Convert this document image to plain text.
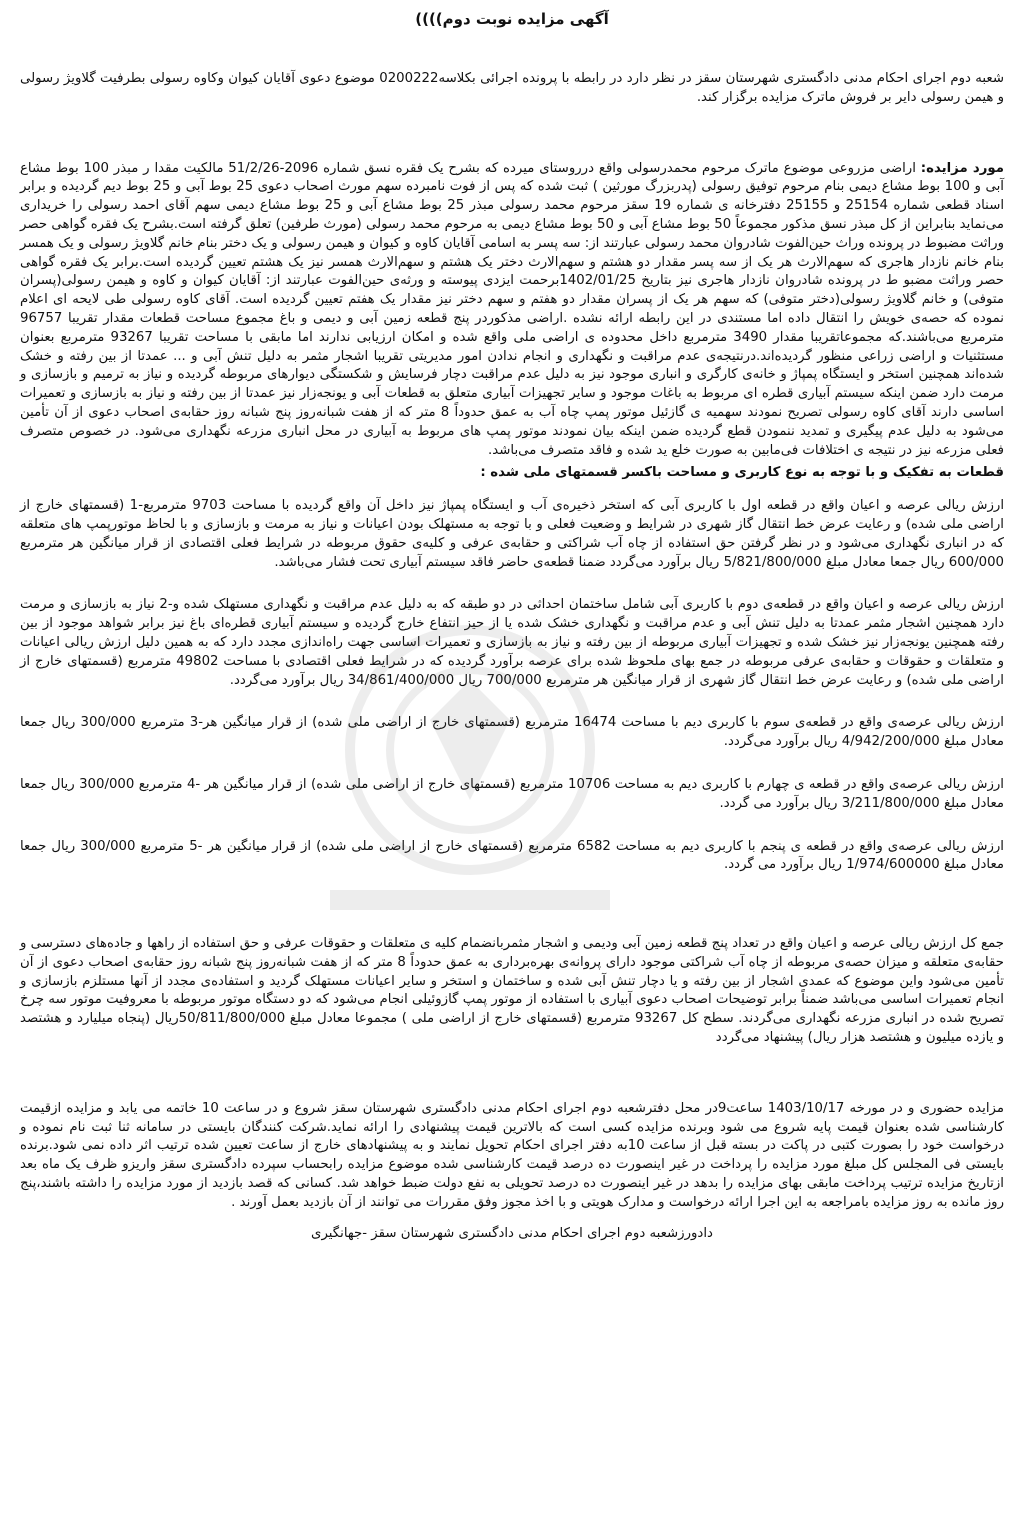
آگهی مزایده نوبت دوم))))

شعبه دوم اجرای احکام مدنی دادگستری شهرستان سقز در نظر دارد در رابطه با پرونده اجرائی بکلاسه0200222 موضوع دعوی آقایان کیوان وکاوه رسولی بطرفیت گلاویژ رسولی و هیمن رسولی دایر بر فروش ماترک مزایده برگزار کند.

مورد مزایده: اراضی مزروعی موضوع ماترک مرحوم محمدرسولی واقع درروستای میرده که بشرح یک فقره نسق شماره 2096-51/2/26 مالکیت مقدا ر مبذر 100 بوط مشاع آبی و 100 بوط مشاع دیمی بنام مرحوم توفیق رسولی (پدربزرگ مورثین ) ثبت شده که پس از فوت نامبرده سهم مورث اصحاب دعوی 25 بوط آبی و 25 بوط دیم گردیده و برابر اسناد قطعی شماره 25154 و 25155 دفترخانه ی شماره 19 سقز مرحوم محمد رسولی مبذر 25 بوط مشاع آبی و 25 بوط مشاع دیمی سهم آقای احمد رسولی را خریداری می‌نماید بنابراین از کل مبذر نسق مذکور مجموعاً 50 بوط مشاع آبی و 50 بوط مشاع دیمی به مرحوم محمد رسولی (مورث طرفین) تعلق گرفته است.بشرح یک فقره گواهی حصر وراثت مضبوط در پرونده وراث حین‌الفوت شادروان محمد رسولی عبارتند از: سه پسر به اسامی آقایان کاوه و کیوان و هیمن رسولی و یک دختر بنام خانم گلاویژ رسولی و یک همسر بنام خانم نازدار هاجری که سهم‌الارث هر یک از سه پسر مقدار دو هشتم و سهم‌الارث دختر یک هشتم و سهم‌الارث همسر نیز یک هشتم تعیین گردیده است.برابر یک فقره گواهی حصر وراثت مضبو ط در پرونده شادروان نازدار هاجری نیز بتاریخ 1402/01/25برحمت ایزدی پیوسته و ورثه‌ی حین‌الفوت عبارتند از: آقایان کیوان و کاوه و هیمن رسولی(پسران متوفی) و خانم گلاویژ رسولی(دختر متوفی) که سهم هر یک از پسران مقدار دو هفتم و سهم دختر نیز مقدار یک هفتم تعیین گردیده است. آقای کاوه رسولی طی لایحه ای اعلام نموده که حصه‌ی خویش را انتقال داده اما مستندی در این رابطه ارائه نشده .اراضی مذکوردر پنج قطعه زمین آبی و دیمی و باغ مجموع مساحت قطعات مقدار تقریبا 96757 مترمربع می‌باشند.که مجموعاتقریبا مقدار 3490 مترمربع داخل محدوده ی اراضی ملی واقع شده و امکان ارزیابی ندارند اما مابقی با مساحت تقریبا 93267 مترمربع بعنوان مستثنیات و اراضی زراعی منظور گردیده‌اند.درنتیجه‌ی عدم مراقبت و نگهداری و انجام ندادن امور مدیریتی تقریبا اشجار مثمر به دلیل تنش آبی و ... عمدتا از بین رفته و خشک شده‌اند همچنین استخر و ایستگاه پمپاژ و خانه‌ی کارگری و انباری موجود نیز به دلیل عدم مراقبت دچار فرسایش و شکستگی دیوارهای مربوطه گردیده و نیاز به ترمیم و بازسازی و مرمت دارد ضمن اینکه سیستم آبیاری قطره ای مربوط به باغات موجود و سایر تجهیزات آبیاری متعلق به قطعات آبی و یونجه‌زار نیز عمدتا از بین رفته و نیاز به بازسازی و تعمیرات اساسی دارند آقای کاوه رسولی تصریح نمودند سهمیه ی گازئیل موتور پمپ چاه آب به عمق حدوداً 8 متر که از هفت شبانه‌روز پنج شبانه روز حقابه‌ی اصحاب دعوی از آن تأمین می‌شود به دلیل عدم پیگیری و تمدید ننمودن قطع گردیده ضمن اینکه بیان نمودند موتور پمپ های مربوط به آبیاری در محل انباری مزرعه نگهداری می‌شود. در خصوص متصرف فعلی مزرعه نیز در نتیجه ی اختلافات فی‌مابین به صورت خلع ید شده و فاقد متصرف می‌باشد.

قطعات به تفکیک و با توجه به نوع کاربری و مساحت باکسر قسمتهای ملی شده :

ارزش ریالی عرصه و اعیان واقع در قطعه اول با کاربری آبی که استخر ذخیره‌ی آب و ایستگاه پمپاژ نیز داخل آن واقع گردیده با مساحت 9703 مترمربع-1 (قسمتهای خارج از اراضی ملی شده) و رعایت عرض خط انتقال گاز شهری در شرایط و وضعیت فعلی و با توجه به مستهلک بودن اعیانات و نیاز به مرمت و بازسازی و با لحاظ موتورپمپ های متعلقه که در انباری نگهداری می‌شود و در نظر گرفتن حق استفاده از چاه آب شراکتی و حقابه‌ی عرفی و کلیه‌ی حقوق مربوطه در شرایط فعلی اقتصادی از قرار میانگین هر مترمربع 600/000 ریال جمعا معادل مبلغ 5/821/800/000 ریال برآورد می‌گردد ضمنا قطعه‌ی حاضر فاقد سیستم آبیاری تحت فشار می‌باشد.

ارزش ریالی عرصه و اعیان واقع در قطعه‌ی دوم با کاربری آبی شامل ساختمان احداثی در دو طبقه که به دلیل عدم مراقبت و نگهداری مستهلک شده و-2 نیاز به بازسازی و مرمت دارد همچنین اشجار مثمر عمدتا به دلیل تنش آبی و عدم مراقبت و نگهداری خشک شده یا از حیز انتفاع خارج گردیده و سیستم آبیاری قطره‌ای باغ نیز برابر شواهد موجود از بین رفته همچنین یونجه‌زار نیز خشک شده و تجهیزات آبیاری مربوطه از بین رفته و نیاز به بازسازی و تعمیرات اساسی جهت راه‌اندازی مجدد دارد که به همین دلیل ارزش ریالی اعیانات و متعلقات و حقوقات و حقابه‌ی عرفی مربوطه در جمع بهای ملحوظ شده برای عرصه برآورد گردیده که در شرایط فعلی اقتصادی با مساحت 49802 مترمربع (قسمتهای خارج از اراضی ملی شده) و رعایت عرض خط انتقال گاز شهری از قرار میانگین هر مترمربع 700/000 ریال 34/861/400/000 ریال برآورد می‌گردد.

ارزش ریالی عرصه‌ی واقع در قطعه‌ی سوم با کاربری دیم با مساحت 16474 مترمربع (قسمتهای خارج از اراضی ملی شده) از قرار میانگین هر-3 مترمربع 300/000 ریال جمعا معادل مبلغ 4/942/200/000 ریال برآورد می‌گردد.

ارزش ریالی عرصه‌ی واقع در قطعه ی چهارم با کاربری دیم به مساحت 10706 مترمربع (قسمتهای خارج از اراضی ملی شده) از قرار میانگین هر -4 مترمربع 300/000 ریال جمعا معادل مبلغ 3/211/800/000 ریال برآورد می گردد.

ارزش ریالی عرصه‌ی واقع در قطعه ی پنجم با کاربری دیم به مساحت 6582 مترمربع (قسمتهای خارج از اراضی ملی شده) از قرار میانگین هر -5 مترمربع 300/000 ریال جمعا معادل مبلغ 1/974/600000 ریال برآورد می گردد.

جمع کل ارزش ریالی عرصه و اعیان واقع در تعداد پنج قطعه زمین آبی ودیمی و اشجار مثمربانضمام کلیه ی متعلقات و حقوقات عرفی و حق استفاده از راهها و جاده‌های دسترسی و حقابه‌ی متعلقه و میزان حصه‌ی مربوطه از چاه آب شراکتی موجود دارای پروانه‌ی بهره‌برداری به عمق حدوداً 8 متر که از هفت شبانه‌روز پنج شبانه روز حقابه‌ی اصحاب دعوی از آن تأمین می‌شود واین موضوع که عمدی اشجار از بین رفته و یا دچار تنش آبی شده و ساختمان و استخر و سایر اعیانات مستهلک گردید و استفاده‌ی مجدد از آنها مستلزم بازسازی و انجام تعمیرات اساسی می‌باشد ضمناً برابر توضیحات اصحاب دعوی آبیاری با استفاده از موتور پمپ گازوئیلی انجام می‌شود که دو دستگاه موتور مربوطه با معروفیت موتور سه چرخ تصریح شده در انباری مزرعه نگهداری می‌گردند. سطح کل 93267 مترمربع (قسمتهای خارج از اراضی ملی ) مجموعا معادل مبلغ 50/811/800/000ریال (پنجاه میلیارد و هشتصد و یازده میلیون و هشتصد هزار ریال) پیشنهاد می‌گردد

مزایده حضوری و در مورخه 1403/10/17 ساعت9در محل دفترشعبه دوم اجرای احکام مدنی دادگستری شهرستان سقز شروع و در ساعت 10 خاتمه می یابد و مزایده ازقیمت کارشناسی شده بعنوان قیمت پایه شروع می شود وبرنده مزایده کسی است که بالاترین قیمت پیشنهادی را ارائه نماید.شرکت کنندگان بایستی در سامانه ثنا ثبت نام نموده و درخواست خود را بصورت کتبی در پاکت در بسته قبل از ساعت 10به دفتر اجرای احکام تحویل نمایند و به پیشنهادهای خارج از ساعت تعیین شده ترتیب اثر داده نمی شود.برنده بایستی فی المجلس کل مبلغ مورد مزایده را پرداخت در غیر اینصورت ده درصد قیمت کارشناسی شده موضوع مزایده رابحساب سپرده دادگستری سقز واریزو ظرف یک ماه بعد ازتاریخ مزایده ترتیب پرداخت مابقی بهای مزایده را بدهد در غیر اینصورت ده درصد تحویلی به نفع دولت ضبط خواهد شد. کسانی که قصد بازدید از مورد مزایده را داشته باشند،پنج روز مانده به روز مزایده بامراجعه به این اجرا ارائه درخواست و مدارک هویتی و با اخذ مجوز وفق مقررات می توانند از آن بازدید بعمل آورند .

دادورزشعبه دوم اجرای احکام مدنی دادگستری شهرستان سقز -جهانگیری
